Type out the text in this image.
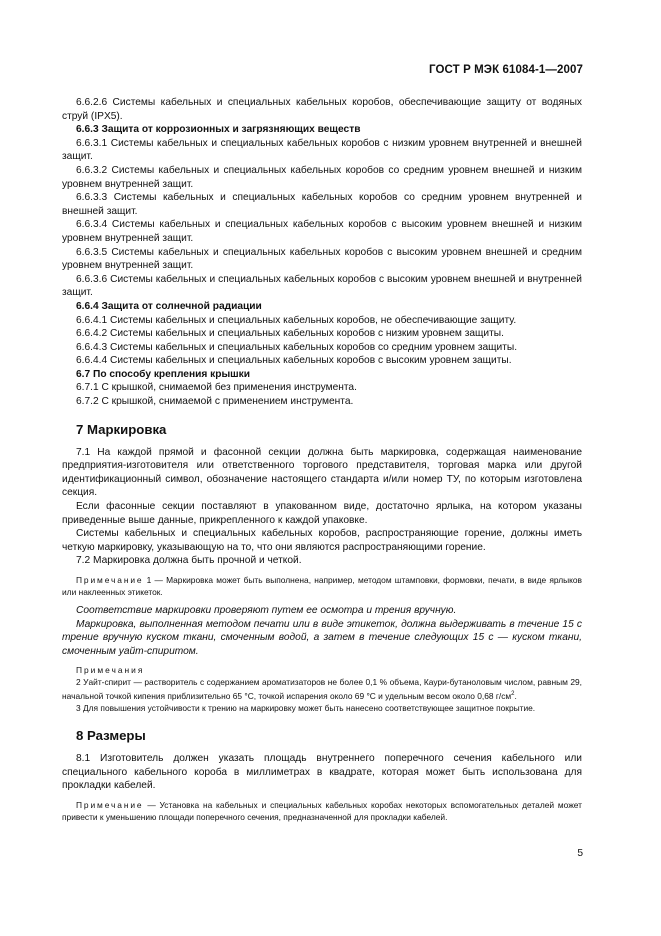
ГОСТ Р МЭК 61084-1—2007

6.6.2.6 Системы кабельных и специальных кабельных коробов, обеспечивающие защиту от водяных струй (IPX5).

6.6.3 Защита от коррозионных и загрязняющих веществ

6.6.3.1 Системы кабельных и специальных кабельных коробов с низким уровнем внутренней и внешней защит.

6.6.3.2 Системы кабельных и специальных кабельных коробов со средним уровнем внешней и низким уровнем внутренней защит.

6.6.3.3 Системы кабельных и специальных кабельных коробов со средним уровнем внутренней и внешней защит.

6.6.3.4 Системы кабельных и специальных кабельных коробов с высоким уровнем внешней и низким уровнем внутренней защит.

6.6.3.5 Системы кабельных и специальных кабельных коробов с высоким уровнем внешней и средним уровнем внутренней защит.

6.6.3.6 Системы кабельных и специальных кабельных коробов с высоким уровнем внешней и внутренней защит.

6.6.4 Защита от солнечной радиации

6.6.4.1 Системы кабельных и специальных кабельных коробов, не обеспечивающие защиту.

6.6.4.2 Системы кабельных и специальных кабельных коробов с низким уровнем защиты.

6.6.4.3 Системы кабельных и специальных кабельных коробов со средним уровнем защиты.

6.6.4.4 Системы кабельных и специальных кабельных коробов с высоким уровнем защиты.

6.7 По способу крепления крышки

6.7.1 С крышкой, снимаемой без применения инструмента.

6.7.2 С крышкой, снимаемой с применением инструмента.

7 Маркировка

7.1 На каждой прямой и фасонной секции должна быть маркировка, содержащая наименование предприятия-изготовителя или ответственного торгового представителя, торговая марка или другой идентификационный символ, обозначение настоящего стандарта и/или номер ТУ, по которым изготовлена секция.

Если фасонные секции поставляют в упакованном виде, достаточно ярлыка, на котором указаны приведенные выше данные, прикрепленного к каждой упаковке.

Системы кабельных и специальных кабельных коробов, распространяющие горение, должны иметь четкую маркировку, указывающую на то, что они являются распространяющими горение.

7.2 Маркировка должна быть прочной и четкой.

Примечание 1 — Маркировка может быть выполнена, например, методом штамповки, формовки, печати, в виде ярлыков или наклеенных этикеток.

Соответствие маркировки проверяют путем ее осмотра и трения вручную.

Маркировка, выполненная методом печати или в виде этикеток, должна выдерживать в течение 15 с трение вручную куском ткани, смоченным водой, а затем в течение следующих 15 с — куском ткани, смоченным уайт-спиритом.

Примечания

2 Уайт-спирит — растворитель с содержанием ароматизаторов не более 0,1 % объема, Каури-бутаноловым числом, равным 29, начальной точкой кипения приблизительно 65 °С, точкой испарения около 69 °С и удельным весом около 0,68 $г/см^2$.

3 Для повышения устойчивости к трению на маркировку может быть нанесено соответствующее защитное покрытие.

8 Размеры

8.1 Изготовитель должен указать площадь внутреннего поперечного сечения кабельного или специального кабельного короба в миллиметрах в квадрате, которая может быть использована для прокладки кабелей.

Примечание — Установка на кабельных и специальных кабельных коробах некоторых вспомогательных деталей может привести к уменьшению площади поперечного сечения, предназначенной для прокладки кабелей.

5
